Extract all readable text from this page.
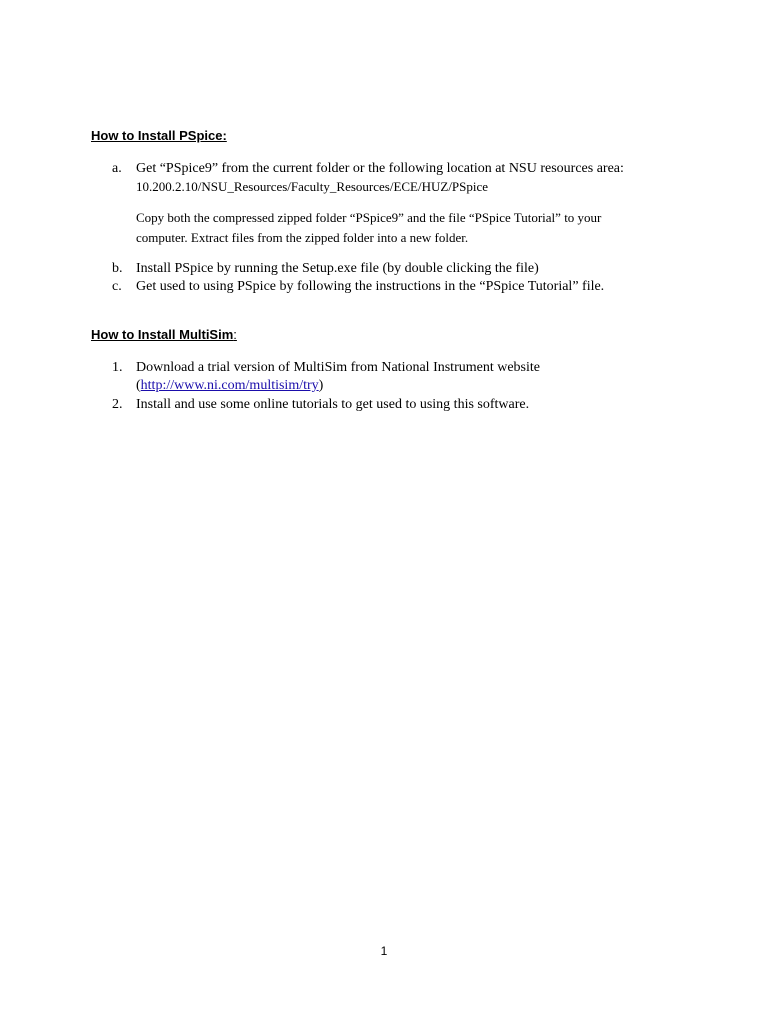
How to Install PSpice:
a. Get “PSpice9” from the current folder or the following location at NSU resources area:
10.200.2.10/NSU_Resources/Faculty_Resources/ECE/HUZ/PSpice
Copy both the compressed zipped folder “PSpice9” and the file “PSpice Tutorial” to your
computer. Extract files from the zipped folder into a new folder.
b. Install PSpice by running the Setup.exe file (by double clicking the file)
c. Get used to using PSpice by following the instructions in the “PSpice Tutorial” file.
How to Install MultiSim:
1. Download a trial version of MultiSim from National Instrument website
(http://www.ni.com/multisim/try)
2. Install and use some online tutorials to get used to using this software.
1
